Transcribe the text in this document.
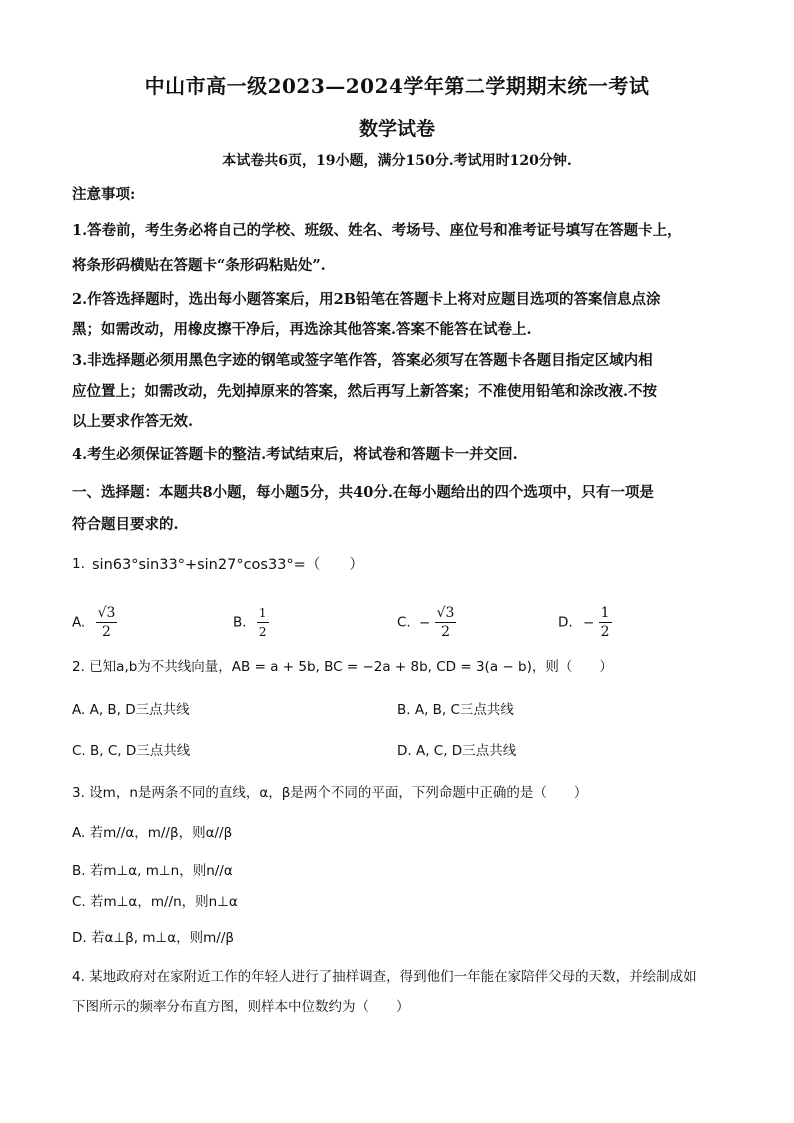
中山市高一级2023—2024学年第二学期期末统一考试
数学试卷
本试卷共6页，19小题，满分150分.考试用时120分钟.
注意事项:
1.答卷前，考生务必将自己的学校、班级、姓名、考场号、座位号和准考证号填写在答题卡上，
将条形码横贴在答题卡“条形码粘贴处”.
2.作答选择题时，选出每小题答案后，用2B铅笔在答题卡上将对应题目选项的答案信息点涂
黑；如需改动，用橡皮擦干净后，再选涂其他答案.答案不能答在试卷上.
3.非选择题必须用黑色字迹的钢笔或签字笔作答，答案必须写在答题卡各题目指定区域内相
应位置上；如需改动，先划掉原来的答案，然后再写上新答案；不准使用铅笔和涂改液.不按
以上要求作答无效.
4.考生必须保证答题卡的整洁.考试结束后，将试卷和答题卡一并交回.
一、选择题：本题共8小题，每小题5分，共40分.在每小题给出的四个选项中，只有一项是
符合题目要求的.
1. sin63°sin33°+sin27°cos33°=（　　）
A. $\frac{√3}{2}$	B. $\frac{1}{2}$	C. − $\frac{√3}{2}$	D. − $\frac{1}{2}$
2. 已知a,b为不共线向量，AB = a + 5b, BC = −2a + 8b, CD = 3(a − b)，则（　　）
A. A, B, D三点共线	B. A, B, C三点共线
C. B, C, D三点共线	D. A, C, D三点共线
3. 设m，n是两条不同的直线，α，β是两个不同的平面，下列命题中正确的是（　　）
A. 若m//α，m//β，则α//β
B. 若m⊥α, m⊥n，则n//α
C. 若m⊥α，m//n，则n⊥α
D. 若α⊥β, m⊥α，则m//β
4. 某地政府对在家附近工作的年轻人进行了抽样调查，得到他们一年能在家陪伴父母的天数，并绘制成如
下图所示的频率分布直方图，则样本中位数约为（　　）
